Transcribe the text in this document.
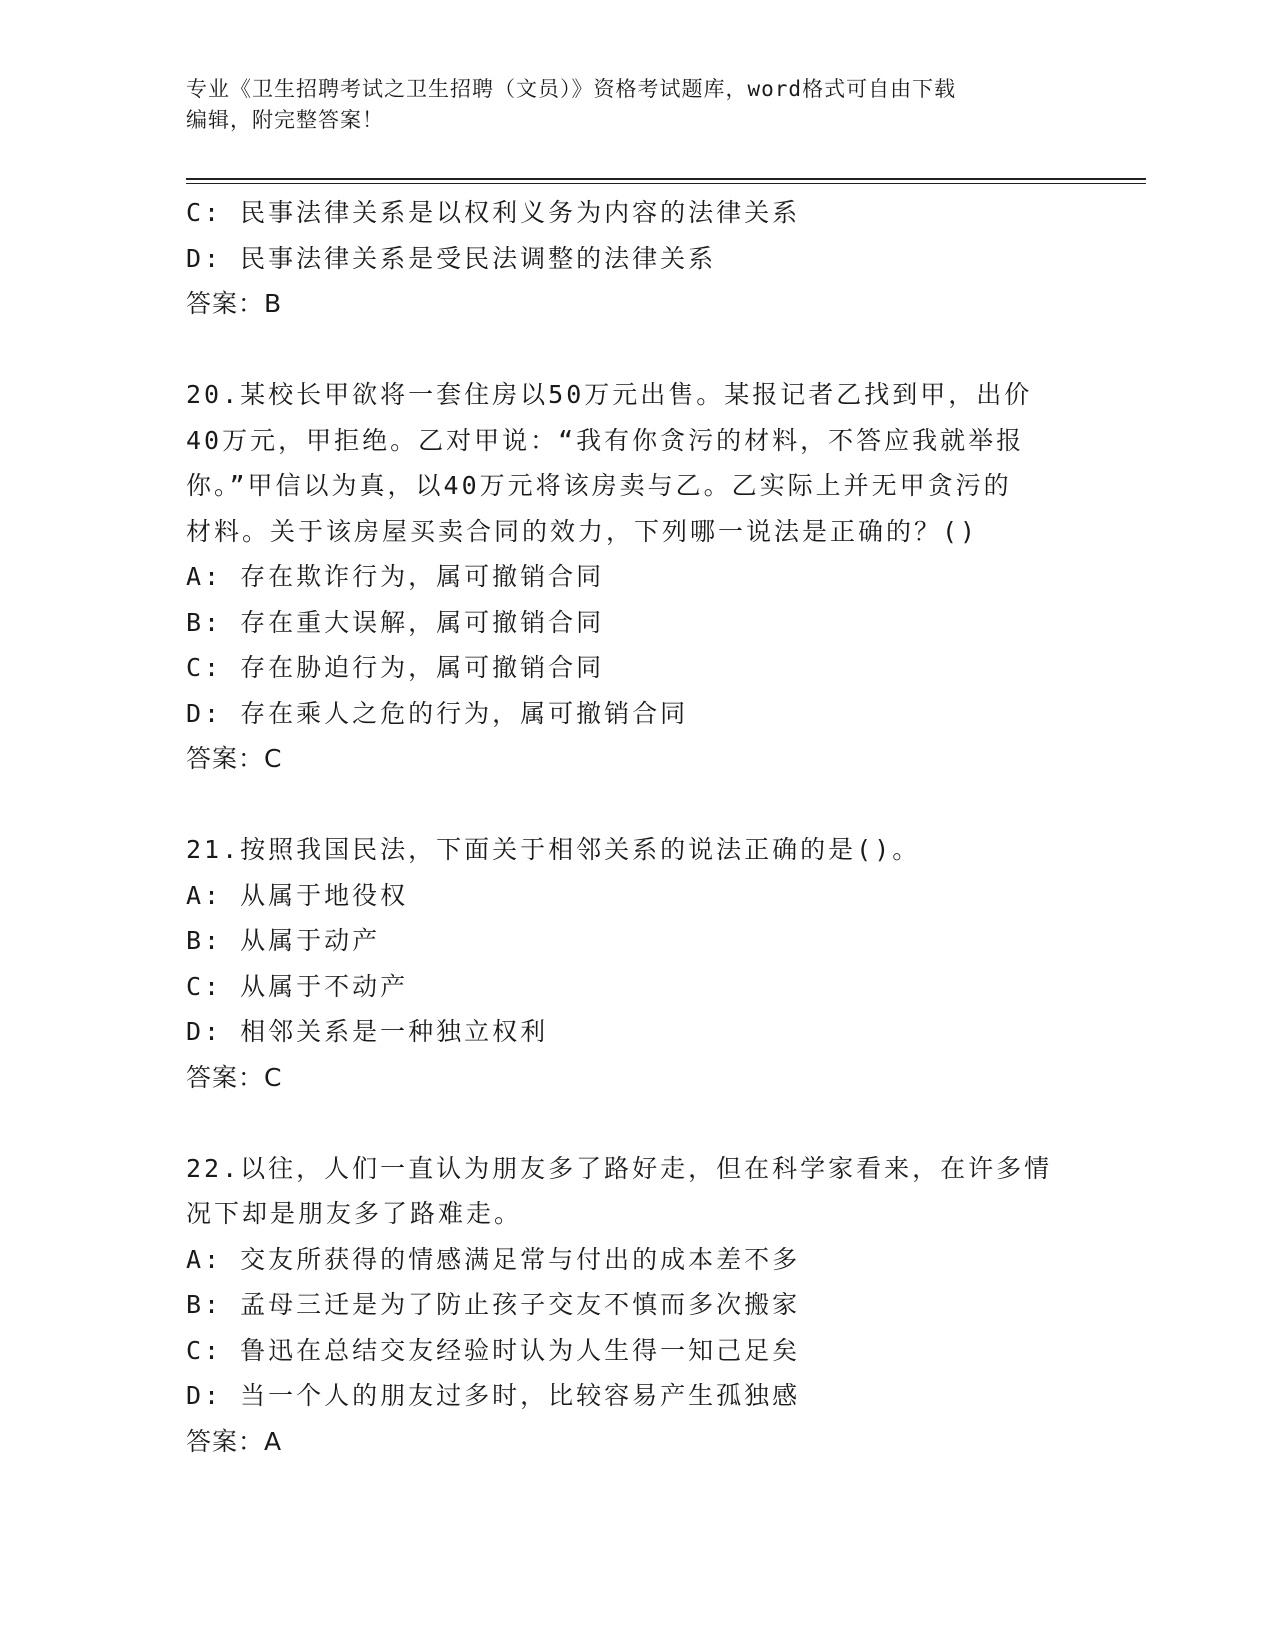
专业《卫生招聘考试之卫生招聘（文员）》资格考试题库，word格式可自由下载
编辑，附完整答案！
C: 民事法律关系是以权利义务为内容的法律关系
D: 民事法律关系是受民法调整的法律关系
答案：B
20.某校长甲欲将一套住房以50万元出售。某报记者乙找到甲，出价
40万元，甲拒绝。乙对甲说：“我有你贪污的材料，不答应我就举报
你。”甲信以为真，以40万元将该房卖与乙。乙实际上并无甲贪污的
材料。关于该房屋买卖合同的效力，下列哪一说法是正确的？()
A: 存在欺诈行为，属可撤销合同
B: 存在重大误解，属可撤销合同
C: 存在胁迫行为，属可撤销合同
D: 存在乘人之危的行为，属可撤销合同
答案：C
21.按照我国民法，下面关于相邻关系的说法正确的是()。
A: 从属于地役权
B: 从属于动产
C: 从属于不动产
D: 相邻关系是一种独立权利
答案：C
22.以往，人们一直认为朋友多了路好走，但在科学家看来，在许多情
况下却是朋友多了路难走。
A: 交友所获得的情感满足常与付出的成本差不多
B: 孟母三迁是为了防止孩子交友不慎而多次搬家
C: 鲁迅在总结交友经验时认为人生得一知己足矣
D: 当一个人的朋友过多时，比较容易产生孤独感
答案：A
